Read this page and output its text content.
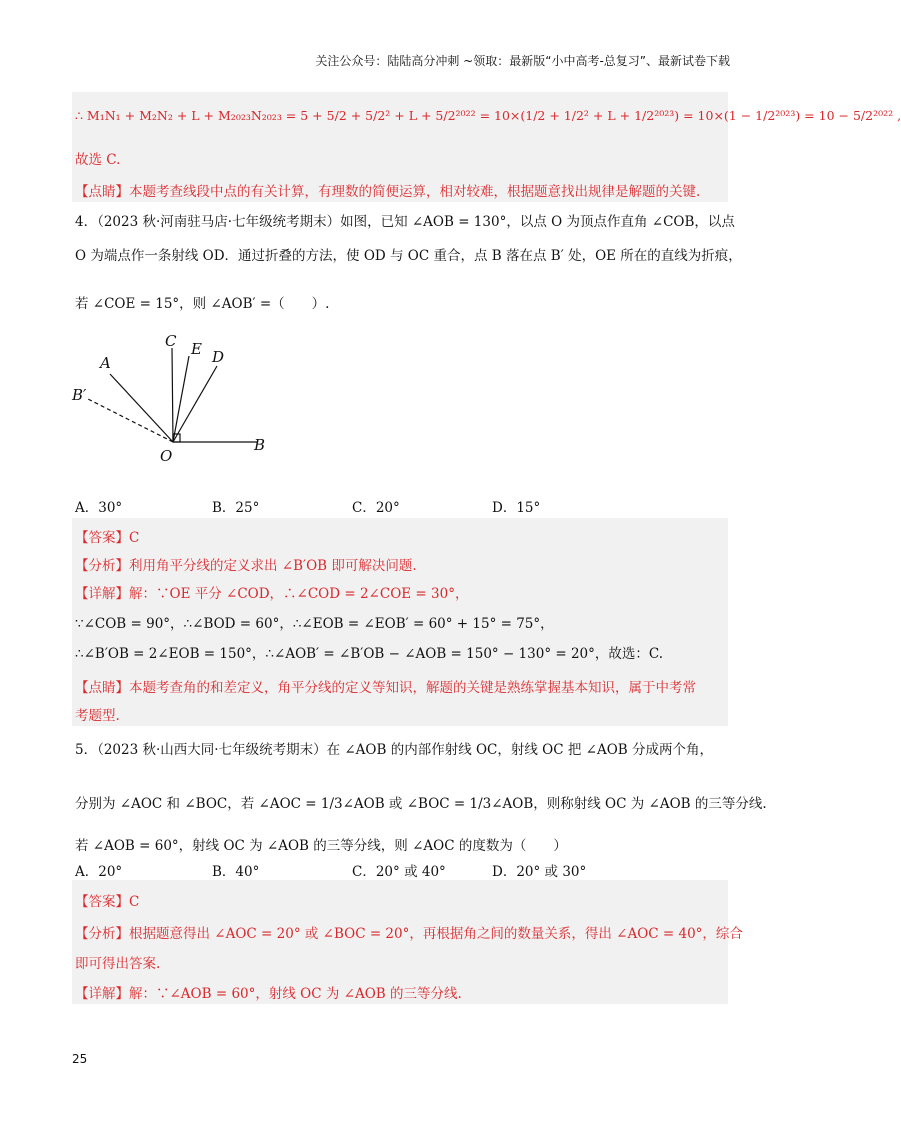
关注公众号：陆陆高分冲刺 ~领取：最新版“小中高考-总复习”、最新试卷下载
∴ M₁N₁ + M₂N₂ + L + M₂₀₂₃N₂₀₂₃ = 5 + 5/2 + 5/2² + L + 5/2²⁰²² = 10×(1/2 + 1/2² + L + 1/2²⁰²³) = 10×(1 − 1/2²⁰²³) = 10 − 5/2²⁰²² ,
故选 C.
【点睛】本题考查线段中点的有关计算，有理数的简便运算，相对较难，根据题意找出规律是解题的关键.
4．（2023 秋·河南驻马店·七年级统考期末）如图，已知 ∠AOB = 130°，以点 O 为顶点作直角 ∠COB，以点
O 为端点作一条射线 OD．通过折叠的方法，使 OD 与 OC 重合，点 B 落在点 B′ 处，OE 所在的直线为折痕，
若 ∠COE = 15°，则 ∠AOB′ =（　　）.
C E D
A
B′
O
B
A．30°	B．25°	C．20°	D．15°
【答案】C
【分析】利用角平分线的定义求出 ∠B′OB 即可解决问题.
【详解】解：∵OE 平分 ∠COD，∴∠COD = 2∠COE = 30°，
∵∠COB = 90°，∴∠BOD = 60°，∴∠EOB = ∠EOB′ = 60° + 15° = 75°，
∴∠B′OB = 2∠EOB = 150°，∴∠AOB′ = ∠B′OB − ∠AOB = 150° − 130° = 20°，故选：C.
【点睛】本题考查角的和差定义，角平分线的定义等知识，解题的关键是熟练掌握基本知识，属于中考常
考题型.
5．（2023 秋·山西大同·七年级统考期末）在 ∠AOB 的内部作射线 OC，射线 OC 把 ∠AOB 分成两个角，
分别为 ∠AOC 和 ∠BOC，若 ∠AOC = 1/3∠AOB 或 ∠BOC = 1/3∠AOB，则称射线 OC 为 ∠AOB 的三等分线.
若 ∠AOB = 60°，射线 OC 为 ∠AOB 的三等分线，则 ∠AOC 的度数为（　　）
A．20°	B．40°	C．20° 或 40°	D．20° 或 30°
【答案】C
【分析】根据题意得出 ∠AOC = 20° 或 ∠BOC = 20°，再根据角之间的数量关系，得出 ∠AOC = 40°，综合
即可得出答案.
【详解】解：∵∠AOB = 60°，射线 OC 为 ∠AOB 的三等分线.
25
